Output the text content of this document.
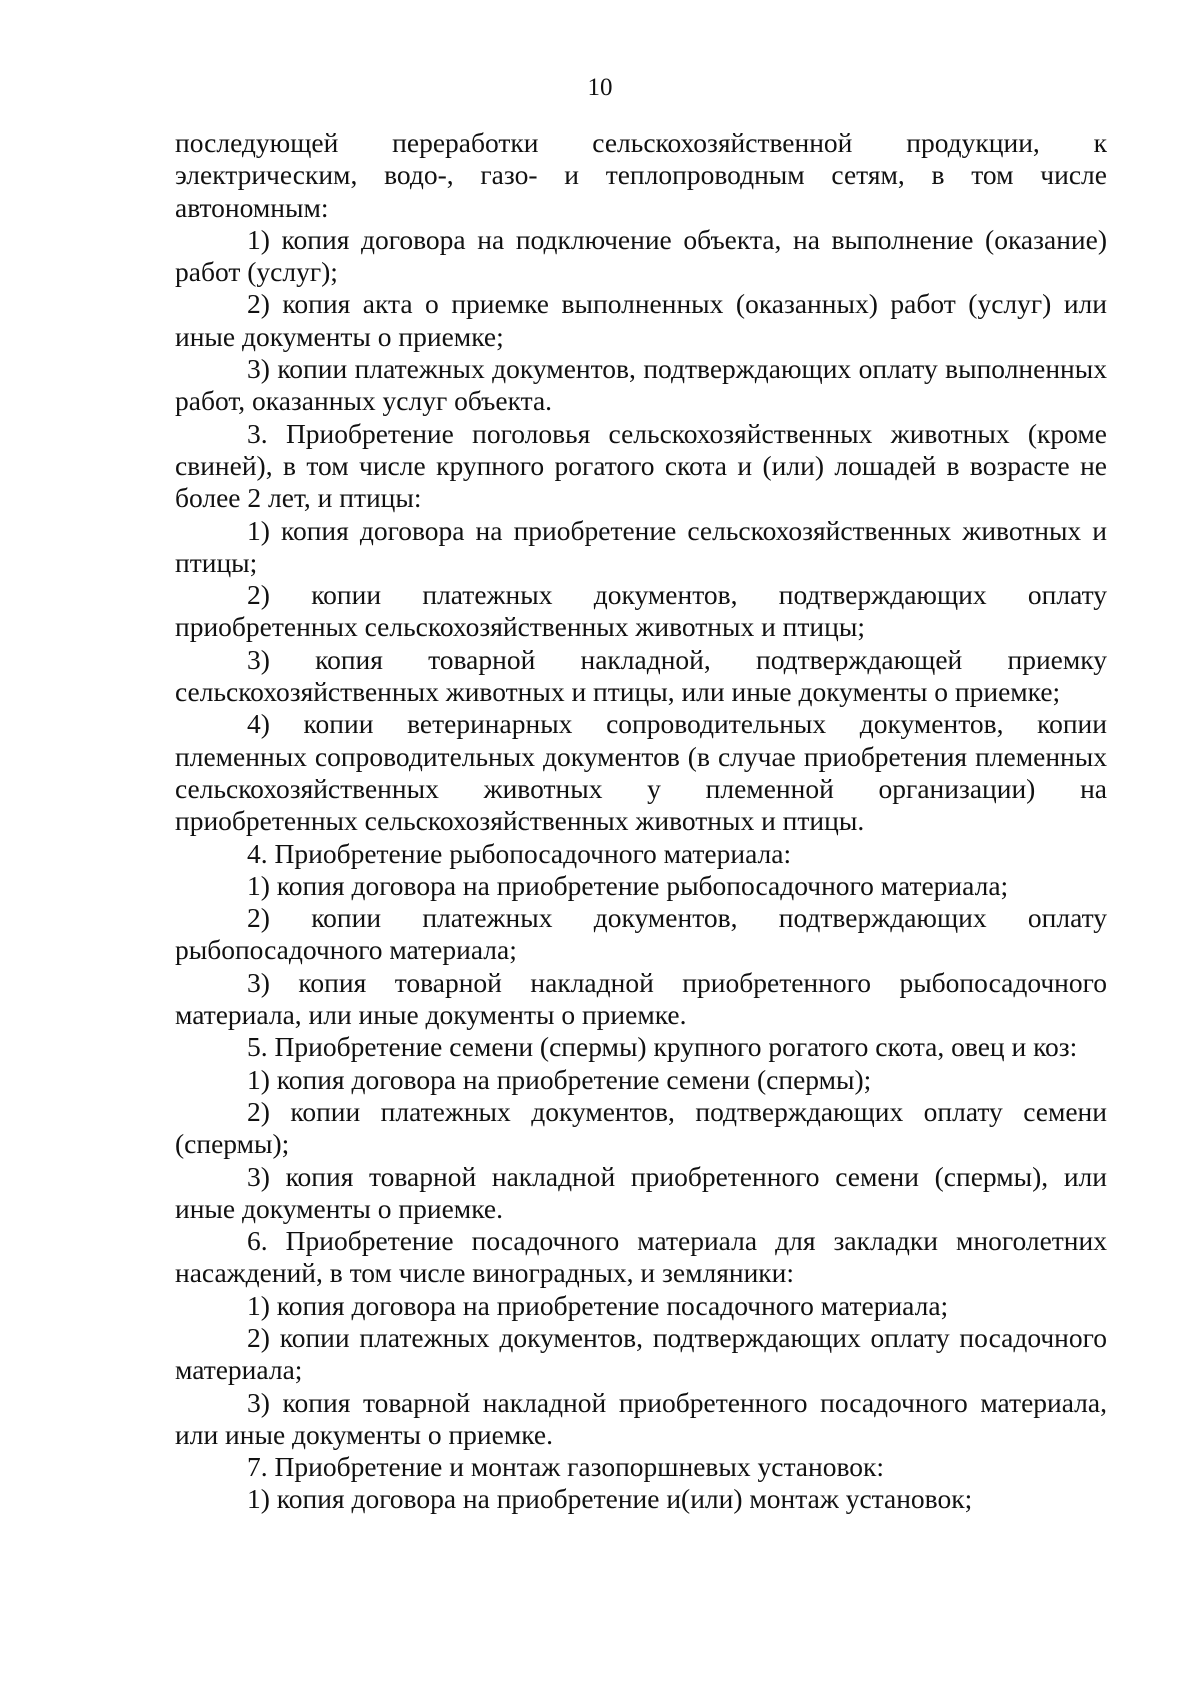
10

последующей переработки сельскохозяйственной продукции, к электрическим, водо-, газо- и теплопроводным сетям, в том числе автономным:

1) копия договора на подключение объекта, на выполнение (оказание) работ (услуг);

2) копия акта о приемке выполненных (оказанных) работ (услуг) или иные документы о приемке;

3) копии платежных документов, подтверждающих оплату выполненных работ, оказанных услуг объекта.

3. Приобретение поголовья сельскохозяйственных животных (кроме свиней), в том числе крупного рогатого скота и (или) лошадей в возрасте не более 2 лет, и птицы:

1) копия договора на приобретение сельскохозяйственных животных и птицы;

2) копии платежных документов, подтверждающих оплату приобретенных сельскохозяйственных животных и птицы;

3) копия товарной накладной, подтверждающей приемку сельскохозяйственных животных и птицы, или иные документы о приемке;

4) копии ветеринарных сопроводительных документов, копии племенных сопроводительных документов (в случае приобретения племенных сельскохозяйственных животных у племенной организации) на приобретенных сельскохозяйственных животных и птицы.

4. Приобретение рыбопосадочного материала:

1) копия договора на приобретение рыбопосадочного материала;

2) копии платежных документов, подтверждающих оплату рыбопосадочного материала;

3) копия товарной накладной приобретенного рыбопосадочного материала, или иные документы о приемке.

5. Приобретение семени (спермы) крупного рогатого скота, овец и коз:

1) копия договора на приобретение семени (спермы);

2) копии платежных документов, подтверждающих оплату семени (спермы);

3) копия товарной накладной приобретенного семени (спермы), или иные документы о приемке.

6. Приобретение посадочного материала для закладки многолетних насаждений, в том числе виноградных, и земляники:

1) копия договора на приобретение посадочного материала;

2) копии платежных документов, подтверждающих оплату посадочного материала;

3) копия товарной накладной приобретенного посадочного материала, или иные документы о приемке.

7. Приобретение и монтаж газопоршневых установок:

1) копия договора на приобретение и(или) монтаж установок;
